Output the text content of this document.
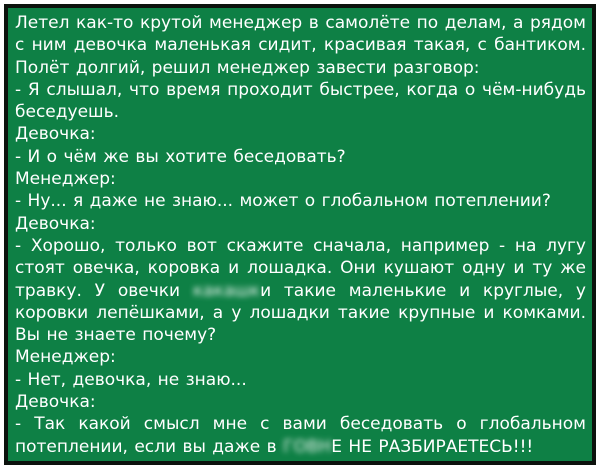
Летел как-то крутой менеджер в самолёте по делам, а рядом с ним девочка маленькая сидит, красивая такая, с бантиком. Полёт долгий, решил менеджер завести разговор:

- Я слышал, что время проходит быстрее, когда о чём-нибудь беседуешь.

Девочка:

- И о чём же вы хотите беседовать?

Менеджер:

- Ну... я даже не знаю... может о глобальном потеплении?

Девочка:

- Хорошо, только вот скажите сначала, например - на лугу стоят овечка, коровка и лошадка. Они кушают одну и ту же травку. У овечки какашки такие маленькие и круглые, у коровки лепёшками, а у лошадки такие крупные и комками. Вы не знаете почему?

Менеджер:

- Нет, девочка, не знаю...

Девочка:

- Так какой смысл мне с вами беседовать о глобальном потеплении, если вы даже в ГОВНЕ НЕ РАЗБИРАЕТЕСЬ!!!
